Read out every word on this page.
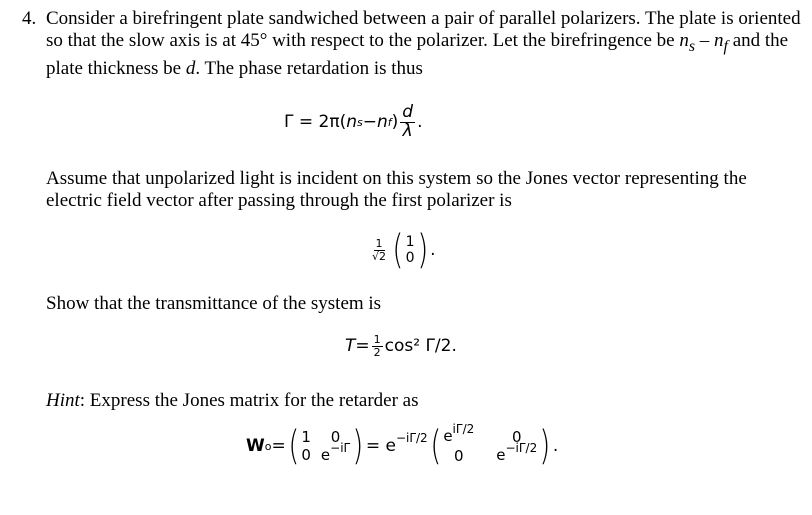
4. Consider a birefringent plate sandwiched between a pair of parallel polarizers. The plate is oriented so that the slow axis is at 45° with respect to the polarizer. Let the birefringence be $n_s - n_f$ and the plate thickness be d. The phase retardation is thus

Γ = 2π( n s − n f ) $\frac{d}{\lambda}$ .

Assume that unpolarized light is incident on this system so the Jones vector representing the electric field vector after passing through the first polarizer is

$\frac{1}{√2}$ ( 1
0 ) .

Show that the transmittance of the system is

$T = \frac{1}{2} \cos^2$ Γ/2.

Hint: Express the Jones matrix for the retarder as

W o = ( 1 0
0 $e^{-i\Gamma}$ ) = e −iΓ/2 ( $e^{i\Gamma/2}$	0
0 $e^{-i\Gamma/2}$ ) .
